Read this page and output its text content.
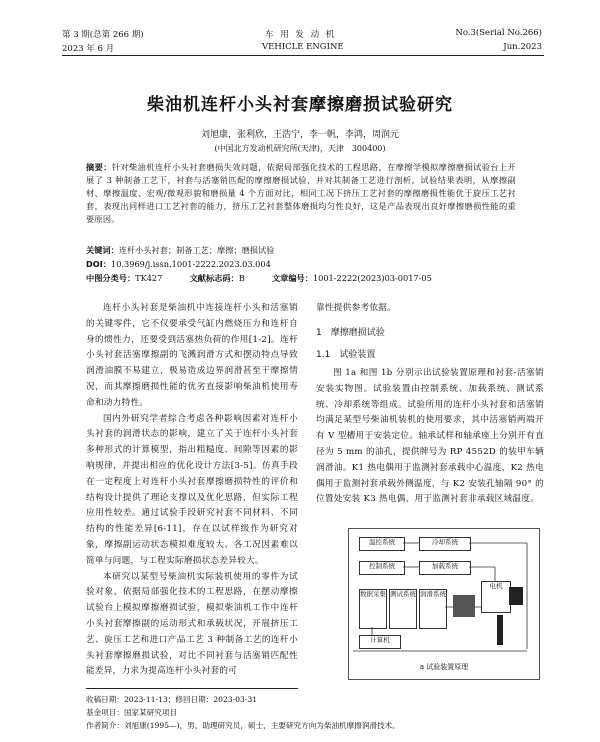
第 3 期(总第 266 期)
2023 年 6 月
车 用 发 动 机
VEHICLE ENGINE
No.3(Serial No.266)
Jun.2023
柴油机连杆小头衬套摩擦磨损试验研究
刘旭康，张利欣，王浩宁，李一帆，李鸿，周润元
(中国北方发动机研究所(天津)，天津　300400)
摘要：针对柴油机连杆小头衬套磨损失效问题，依据局部强化技术的工程思路，在摩擦学模拟摩擦磨损试验台上开展了 3 种制备工艺下，衬套与活塞销匹配的摩擦磨损试验，并对其制备工艺进行剖析。试验结果表明，从摩擦副材、摩擦温度、宏观/微观形貌和磨损量 4 个方面对比，相同工况下挤压工艺衬套的摩擦磨损性能优于旋压工艺衬套，表现出同样进口工艺衬套的能力，挤压工艺衬套整体磨损均匀性良好，这是产品表现出良好摩擦磨损性能的重要原因。
关键词：连杆小头衬套；制备工艺；摩擦；磨损试验
DOI：10.3969/j.issn.1001-2222.2023.03.004
中图分类号：TK427	文献标志码：B	文章编号：1001-2222(2023)03-0017-05

连杆小头衬套是柴油机中连接连杆小头和活塞销的关键零件，它不仅要承受气缸内燃烧压力和连杆自身的惯性力，还要受到活塞热负荷的作用[1-2]。连杆小头衬套活塞摩擦副的飞溅润滑方式和摆动特点导致润滑油膜不易建立，极易造成边界润滑甚至干摩擦情况，而其摩擦磨损性能的优劣直接影响柴油机使用寿命和动力特性。

国内外研究学者综合考虑各种影响因素对连杆小头衬套的润滑状态的影响，建立了关于连杆小头衬套多种形式的计算模型，指出粗糙度、间隙等因素的影响规律，并提出相应的优化设计方法[3-5]。仿真手段在一定程度上对连杆小头衬套摩擦磨损特性的评价和结构设计提供了理论支撑以及优化思路，但实际工程应用性较差。通过试验手段研究衬套不同材料、不同结构的性能差异[6-11]，存在以试样级作为研究对象，摩擦副运动状态模拟难度较大、各工况因素难以简单与问题，与工程实际磨损状态差异较大。

本研究以某型号柴油机实际装机使用的零件为试验对象，依据局部强化技术的工程思路，在摆动摩擦试验台上模拟摩擦磨损试验，模拟柴油机工作中连杆小头衬套摩擦副的运动形式和承载状况，开展挤压工艺、旋压工艺和进口产品工艺 3 种制备工艺的连杆小头衬套摩擦磨损试验，对比不同衬套与活塞销匹配性能差异，力求为提高连杆小头衬套的可

靠性提供参考依据。
1　摩擦磨损试验
1.1　试验装置

图 1a 和图 1b 分别示出试验装置原理和衬套-活塞销安装实物图。试验装置由控制系统、加载系统、测试系统、冷却系统等组成。试验所用的连杆小头衬套和活塞销均满足某型号柴油机装机的使用要求，其中活塞销两端开有 V 型槽用于安装定位。轴承试样和轴承座上分别开有直径为 5 mm 的油孔，提供牌号为 RP 4552D 的装甲车辆润滑油。K1 热电偶用于监测衬套承载中心温度，K2 热电偶用于监测衬套承载外侧温度，与 K2 安装孔轴隔 90° 的位置处安装 K3 热电偶，用于监测衬套非承载区域温度。

温控系统	冷却系统
控制系统	加载系统
数据采集 测试系统 润滑系统
计算机
电机
a 试验装置原理
收稿日期：2023-11-13；修回日期：2023-03-31
基金项目：国家某研究项目
作者简介：刘旭康(1995—)，男，助理研究员，硕士，主要研究方向为柴油机摩擦润滑技术。
